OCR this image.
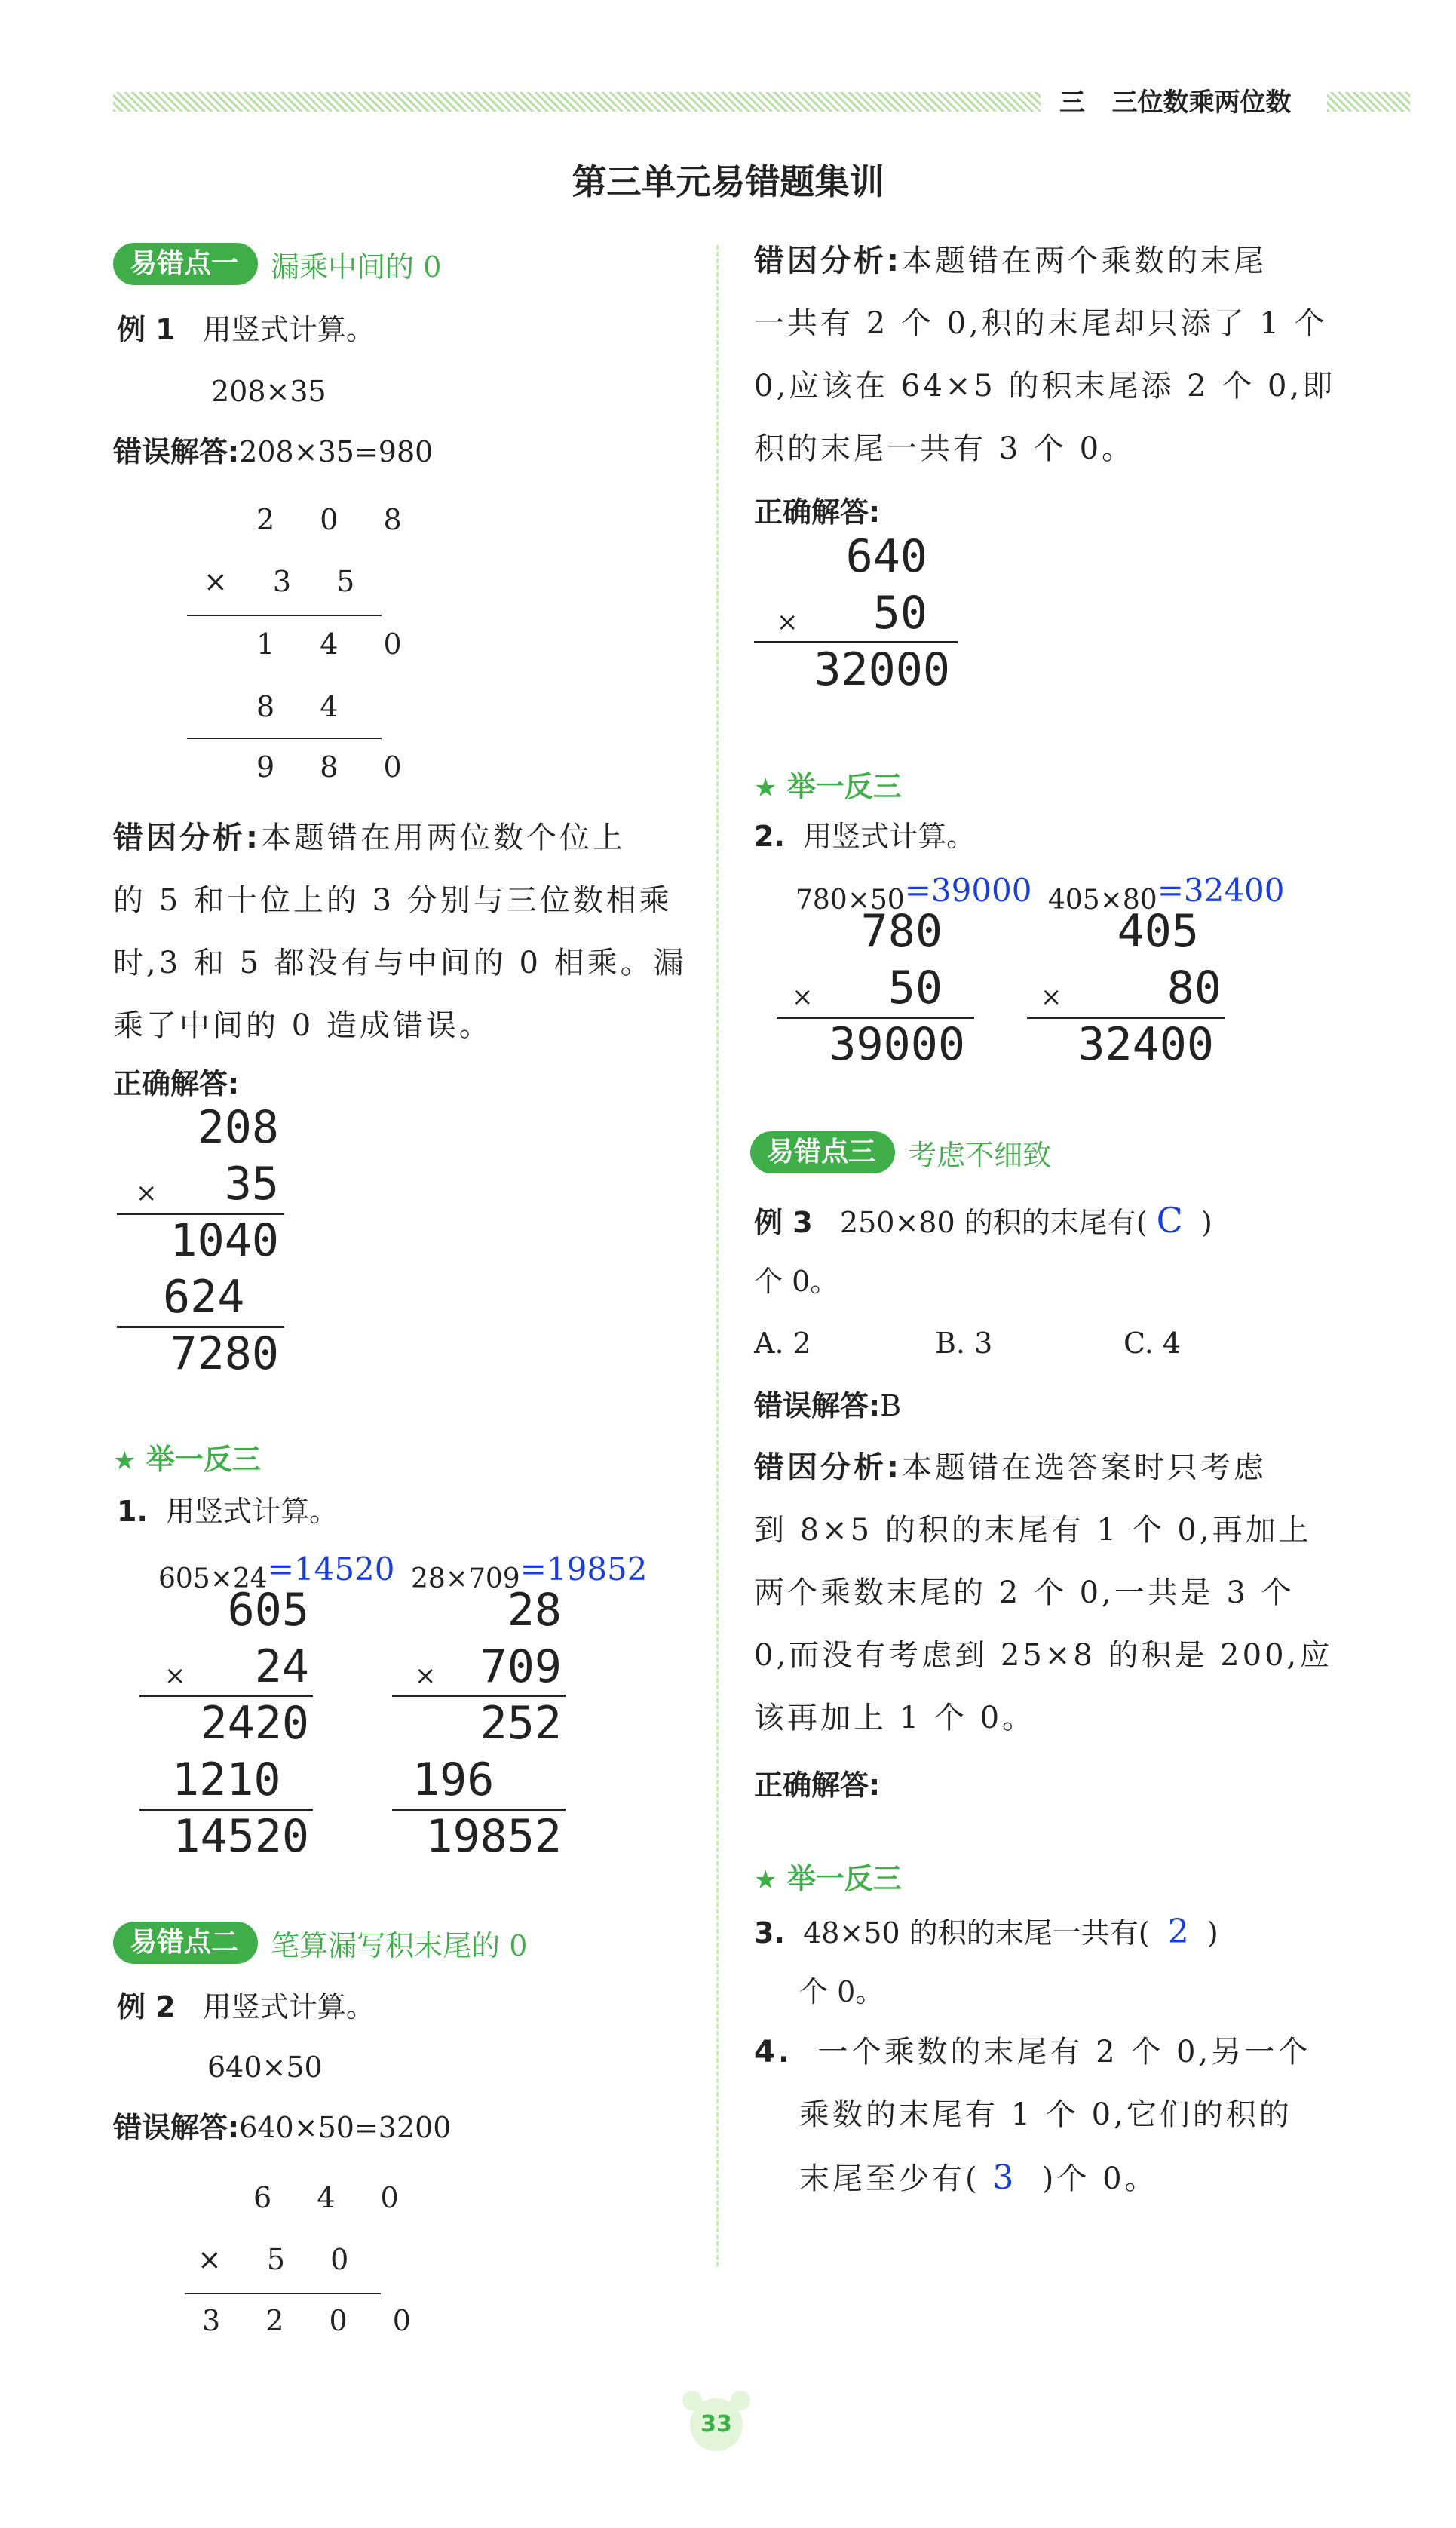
三 三位数乘两位数
第三单元易错题集训
易错点一 漏乘中间的 0
例 1 用竖式计算。
208×35
错误解答:208×35=980
2 0 8
× 3 5
1 4 0
8 4
9 8 0
错因分析:本题错在用两位数个位上
的 5 和十位上的 3 分别与三位数相乘
时,3 和 5 都没有与中间的 0 相乘。漏
乘了中间的 0 造成错误。
正确解答:
208
×	35
1040
624
7280
★ 举一反三
1. 用竖式计算。
605×24=14520 28×709=19852
605
×	24
2420
1210
14520
28
× 709
252
196
19852
易错点二 笔算漏写积末尾的 0
例 2 用竖式计算。
640×50
错误解答:640×50=3200
6 4 0
× 5 0
3 2 0 0
错因分析:本题错在两个乘数的末尾
一共有 2 个 0,积的末尾却只添了 1 个
0,应该在 64×5 的积末尾添 2 个 0,即
积的末尾一共有 3 个 0。
正确解答:
640
×	50
32000
★ 举一反三
2. 用竖式计算。
780×50=39000 405×80=32400
780
×	50
39000
405
×	80
32400
易错点三 考虑不细致
例 3 250×80 的积的末尾有( C )
个 0。
A. 2	B. 3	C. 4
错误解答:B
错因分析:本题错在选答案时只考虑
到 8×5 的积的末尾有 1 个 0,再加上
两个乘数末尾的 2 个 0,一共是 3 个
0,而没有考虑到 25×8 的积是 200,应
该再加上 1 个 0。
正确解答:
★ 举一反三
3. 48×50 的积的末尾一共有( 2 )
个 0。
4. 一个乘数的末尾有 2 个 0,另一个
乘数的末尾有 1 个 0,它们的积的
末尾至少有( 3 )个 0。
33
